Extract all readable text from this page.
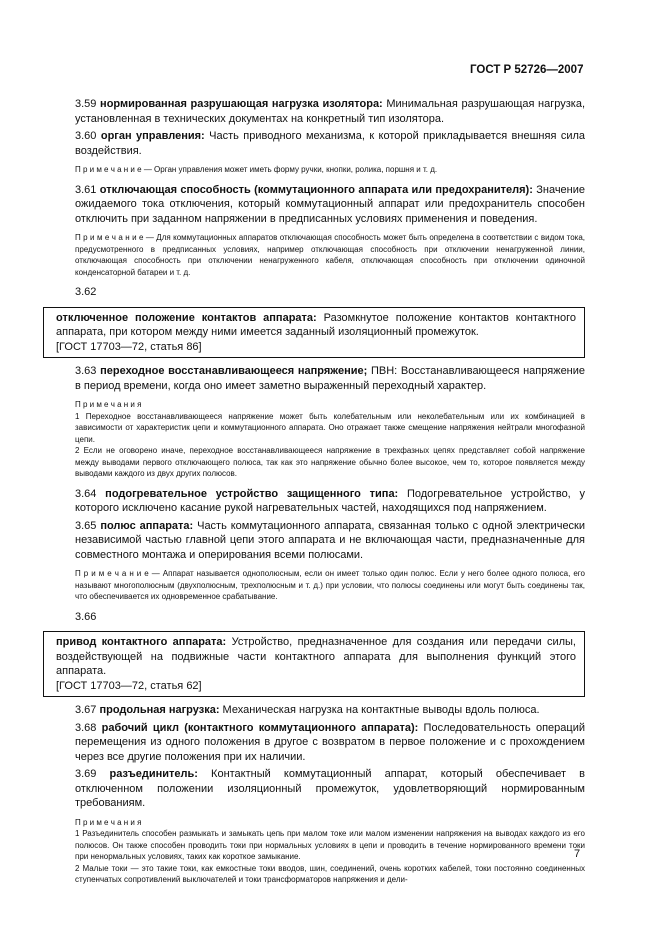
ГОСТ Р 52726—2007

3.59 нормированная разрушающая нагрузка изолятора: Минимальная разрушающая нагрузка, установленная в технических документах на конкретный тип изолятора.

3.60 орган управления: Часть приводного механизма, к которой прикладывается внешняя сила воздействия.

П р и м е ч а н и е — Орган управления может иметь форму ручки, кнопки, ролика, поршня и т. д.

3.61 отключающая способность (коммутационного аппарата или предохранителя): Значение ожидаемого тока отключения, который коммутационный аппарат или предохранитель способен отключить при заданном напряжении в предписанных условиях применения и поведения.

П р и м е ч а н и е — Для коммутационных аппаратов отключающая способность может быть определена в соответствии с видом тока, предусмотренного в предписанных условиях, например отключающая способность при отключении ненагруженной линии, отключающая способность при отключении ненагруженного кабеля, отключающая способность при отключении одиночной конденсаторной батареи и т. д.

3.62

отключенное положение контактов аппарата: Разомкнутое положение контактов контактного аппарата, при котором между ними имеется заданный изоляционный промежуток.

[ГОСТ 17703—72, статья 86]

3.63 переходное восстанавливающееся напряжение; ПВН: Восстанавливающееся напряжение в период времени, когда оно имеет заметно выраженный переходный характер.

П р и м е ч а н и я

1 Переходное восстанавливающееся напряжение может быть колебательным или неколебательным или их комбинацией в зависимости от характеристик цепи и коммутационного аппарата. Оно отражает также смещение напряжения нейтрали многофазной цепи.

2 Если не оговорено иначе, переходное восстанавливающееся напряжение в трехфазных цепях представляет собой напряжение между выводами первого отключающего полюса, так как это напряжение обычно более высокое, чем то, которое появляется между выводами каждого из двух других полюсов.

3.64 подогревательное устройство защищенного типа: Подогревательное устройство, у которого исключено касание рукой нагревательных частей, находящихся под напряжением.

3.65 полюс аппарата: Часть коммутационного аппарата, связанная только с одной электрически независимой частью главной цепи этого аппарата и не включающая части, предназначенные для совместного монтажа и оперирования всеми полюсами.

П р и м е ч а н и е — Аппарат называется однополюсным, если он имеет только один полюс. Если у него более одного полюса, его называют многополюсным (двухполюсным, трехполюсным и т. д.) при условии, что полюсы соединены или могут быть соединены так, что обеспечивается их одновременное срабатывание.

3.66

привод контактного аппарата: Устройство, предназначенное для создания или передачи силы, воздействующей на подвижные части контактного аппарата для выполнения функций этого аппарата.

[ГОСТ 17703—72, статья 62]

3.67 продольная нагрузка: Механическая нагрузка на контактные выводы вдоль полюса.

3.68 рабочий цикл (контактного коммутационного аппарата): Последовательность операций перемещения из одного положения в другое с возвратом в первое положение и с прохождением через все другие положения при их наличии.

3.69 разъединитель: Контактный коммутационный аппарат, который обеспечивает в отключенном положении изоляционный промежуток, удовлетворяющий нормированным требованиям.

П р и м е ч а н и я

1 Разъединитель способен размыкать и замыкать цепь при малом токе или малом изменении напряжения на выводах каждого из его полюсов. Он также способен проводить токи при нормальных условиях в цепи и проводить в течение нормированного времени токи при ненормальных условиях, таких как короткое замыкание.

2 Малые токи — это такие токи, как емкостные токи вводов, шин, соединений, очень коротких кабелей, токи постоянно соединенных ступенчатых сопротивлений выключателей и токи трансформаторов напряжения и дели-

7
